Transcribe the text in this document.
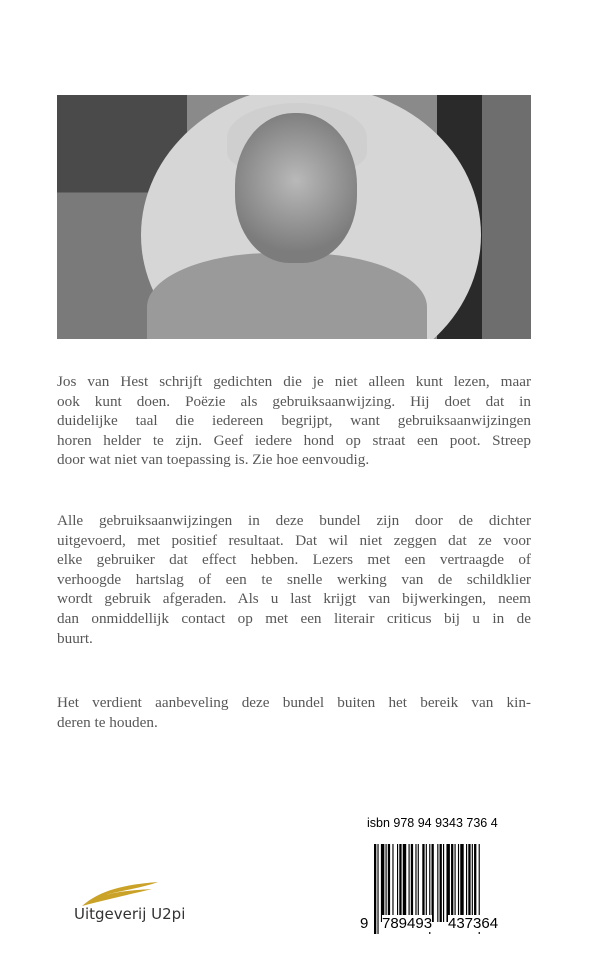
Jos van Hest schrijft gedichten die je niet alleen kunt lezen, maar
ook kunt doen. Poëzie als gebruiksaanwijzing. Hij doet dat in
duidelijke taal die iedereen begrijpt, want gebruiksaanwijzingen
horen helder te zijn. Geef iedere hond op straat een poot. Streep
door wat niet van toepassing is. Zie hoe eenvoudig.
Alle gebruiksaanwijzingen in deze bundel zijn door de dichter
uitgevoerd, met positief resultaat. Dat wil niet zeggen dat ze voor
elke gebruiker dat effect hebben. Lezers met een vertraagde of
verhoogde hartslag of een te snelle werking van de schildklier
wordt gebruik afgeraden. Als u last krijgt van bijwerkingen, neem
dan onmiddellijk contact op met een literair criticus bij u in de
buurt.
Het verdient aanbeveling deze bundel buiten het bereik van kin-
deren te houden.
isbn 978 94 9343 736 4
9 789493 437364
Uitgeverij U2pi
